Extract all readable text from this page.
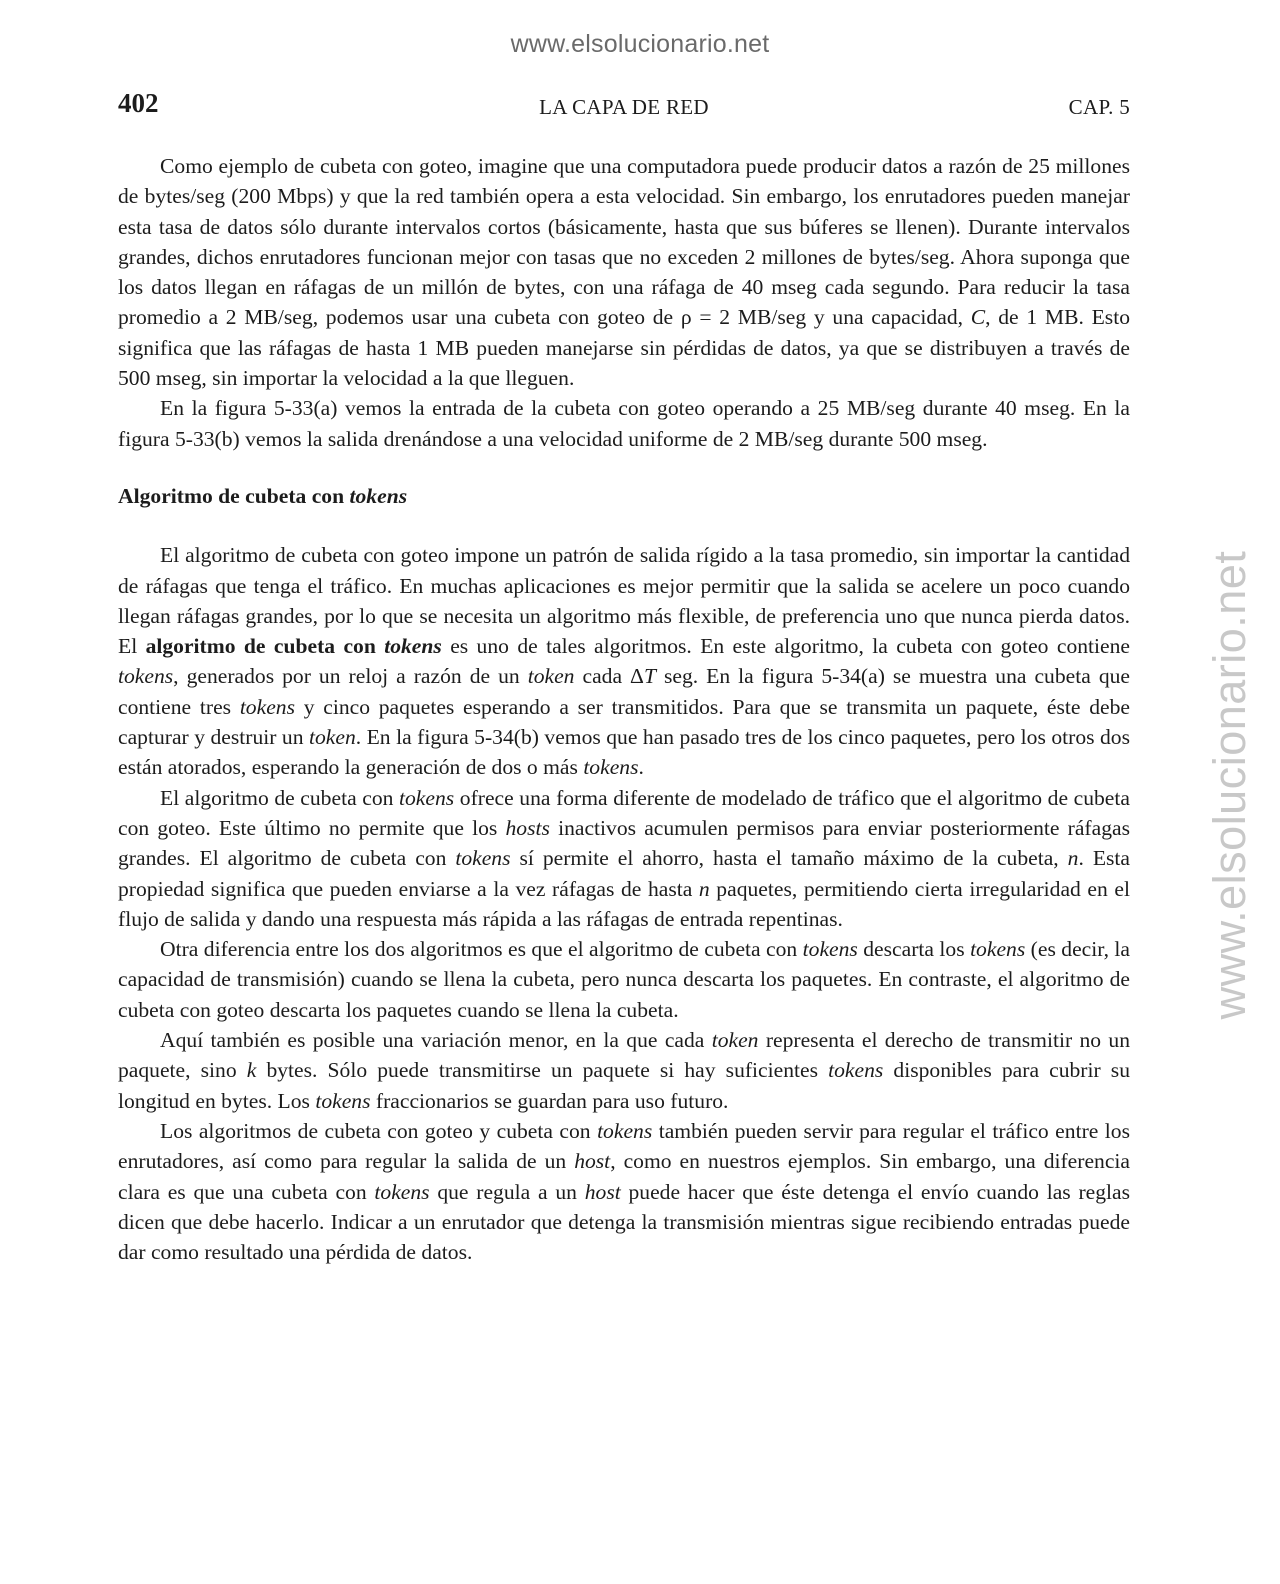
www.elsolucionario.net
www.elsolucionario.net
402	LA CAPA DE RED	CAP. 5

Como ejemplo de cubeta con goteo, imagine que una computadora puede producir datos a razón de 25 millones de bytes/seg (200 Mbps) y que la red también opera a esta velocidad. Sin embargo, los enrutadores pueden manejar esta tasa de datos sólo durante intervalos cortos (básicamente, hasta que sus búferes se llenen). Durante intervalos grandes, dichos enrutadores funcionan mejor con tasas que no exceden 2 millones de bytes/seg. Ahora suponga que los datos llegan en ráfagas de un millón de bytes, con una ráfaga de 40 mseg cada segundo. Para reducir la tasa promedio a 2 MB/seg, podemos usar una cubeta con goteo de ρ = 2 MB/seg y una capacidad, C, de 1 MB. Esto significa que las ráfagas de hasta 1 MB pueden manejarse sin pérdidas de datos, ya que se distribuyen a través de 500 mseg, sin importar la velocidad a la que lleguen.

En la figura 5-33(a) vemos la entrada de la cubeta con goteo operando a 25 MB/seg durante 40 mseg. En la figura 5-33(b) vemos la salida drenándose a una velocidad uniforme de 2 MB/seg durante 500 mseg.

Algoritmo de cubeta con tokens

El algoritmo de cubeta con goteo impone un patrón de salida rígido a la tasa promedio, sin importar la cantidad de ráfagas que tenga el tráfico. En muchas aplicaciones es mejor permitir que la salida se acelere un poco cuando llegan ráfagas grandes, por lo que se necesita un algoritmo más flexible, de preferencia uno que nunca pierda datos. El algoritmo de cubeta con tokens es uno de tales algoritmos. En este algoritmo, la cubeta con goteo contiene tokens, generados por un reloj a razón de un token cada ΔT seg. En la figura 5-34(a) se muestra una cubeta que contiene tres tokens y cinco paquetes esperando a ser transmitidos. Para que se transmita un paquete, éste debe capturar y destruir un token. En la figura 5-34(b) vemos que han pasado tres de los cinco paquetes, pero los otros dos están atorados, esperando la generación de dos o más tokens.

El algoritmo de cubeta con tokens ofrece una forma diferente de modelado de tráfico que el algoritmo de cubeta con goteo. Este último no permite que los hosts inactivos acumulen permisos para enviar posteriormente ráfagas grandes. El algoritmo de cubeta con tokens sí permite el ahorro, hasta el tamaño máximo de la cubeta, n. Esta propiedad significa que pueden enviarse a la vez ráfagas de hasta n paquetes, permitiendo cierta irregularidad en el flujo de salida y dando una respuesta más rápida a las ráfagas de entrada repentinas.

Otra diferencia entre los dos algoritmos es que el algoritmo de cubeta con tokens descarta los tokens (es decir, la capacidad de transmisión) cuando se llena la cubeta, pero nunca descarta los paquetes. En contraste, el algoritmo de cubeta con goteo descarta los paquetes cuando se llena la cubeta.

Aquí también es posible una variación menor, en la que cada token representa el derecho de transmitir no un paquete, sino k bytes. Sólo puede transmitirse un paquete si hay suficientes tokens disponibles para cubrir su longitud en bytes. Los tokens fraccionarios se guardan para uso futuro.

Los algoritmos de cubeta con goteo y cubeta con tokens también pueden servir para regular el tráfico entre los enrutadores, así como para regular la salida de un host, como en nuestros ejemplos. Sin embargo, una diferencia clara es que una cubeta con tokens que regula a un host puede hacer que éste detenga el envío cuando las reglas dicen que debe hacerlo. Indicar a un enrutador que detenga la transmisión mientras sigue recibiendo entradas puede dar como resultado una pérdida de datos.
